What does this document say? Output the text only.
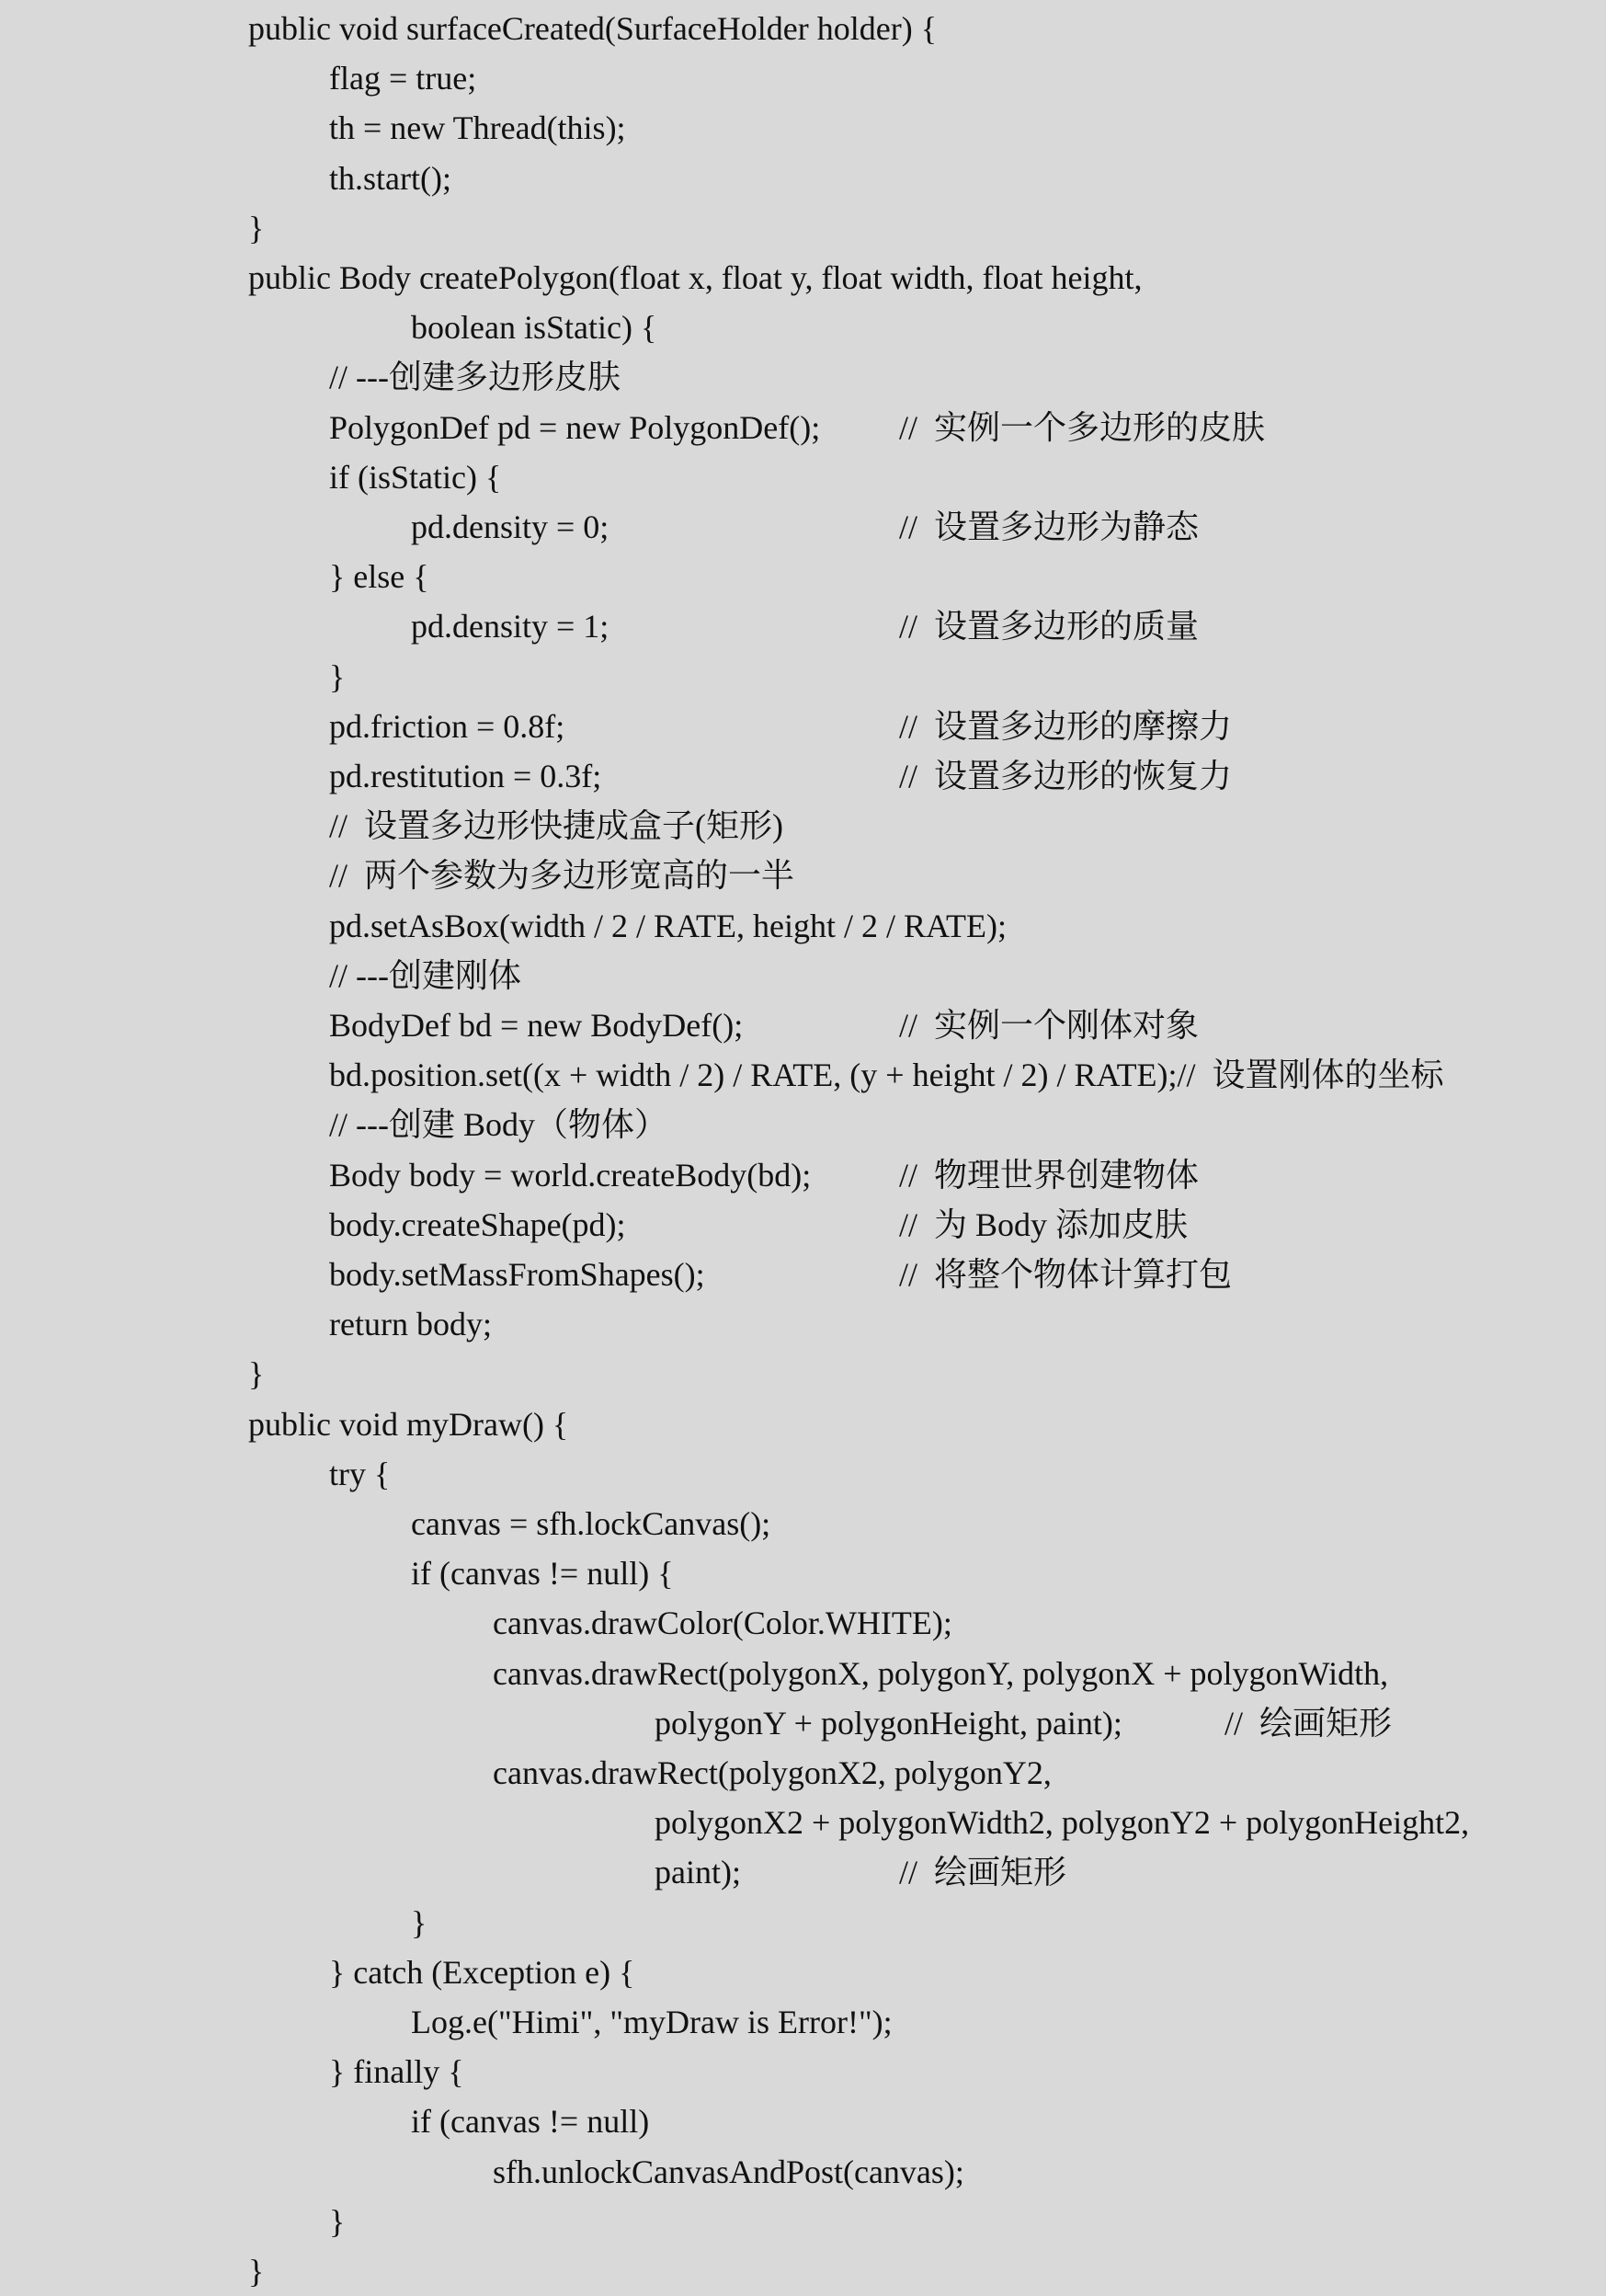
public void surfaceCreated(SurfaceHolder holder) {
flag = true;
th = new Thread(this);
th.start();
}
public Body createPolygon(float x, float y, float width, float height,
boolean isStatic) {
// ---创建多边形皮肤
PolygonDef pd = new PolygonDef(); //  实例一个多边形的皮肤
if (isStatic) {
pd.density = 0;	//  设置多边形为静态
} else {
pd.density = 1;	//  设置多边形的质量
}
pd.friction = 0.8f;	//  设置多边形的摩擦力
pd.restitution = 0.3f;	//  设置多边形的恢复力
//  设置多边形快捷成盒子(矩形)
//  两个参数为多边形宽高的一半
pd.setAsBox(width / 2 / RATE, height / 2 / RATE);
// ---创建刚体
BodyDef bd = new BodyDef();	//  实例一个刚体对象
bd.position.set((x + width / 2) / RATE, (y + height / 2) / RATE);//  设置刚体的坐标
// ---创建 Body（物体）
Body body = world.createBody(bd);	//  物理世界创建物体
body.createShape(pd);	//  为 Body 添加皮肤
body.setMassFromShapes();	//  将整个物体计算打包
return body;
}
public void myDraw() {
try {
canvas = sfh.lockCanvas();
if (canvas != null) {
canvas.drawColor(Color.WHITE);
canvas.drawRect(polygonX, polygonY, polygonX + polygonWidth,
polygonY + polygonHeight, paint);	//  绘画矩形
canvas.drawRect(polygonX2, polygonY2,
polygonX2 + polygonWidth2, polygonY2 + polygonHeight2,
paint);	//  绘画矩形
}
} catch (Exception e) {
Log.e("Himi", "myDraw is Error!");
} finally {
if (canvas != null)
sfh.unlockCanvasAndPost(canvas);
}
}
